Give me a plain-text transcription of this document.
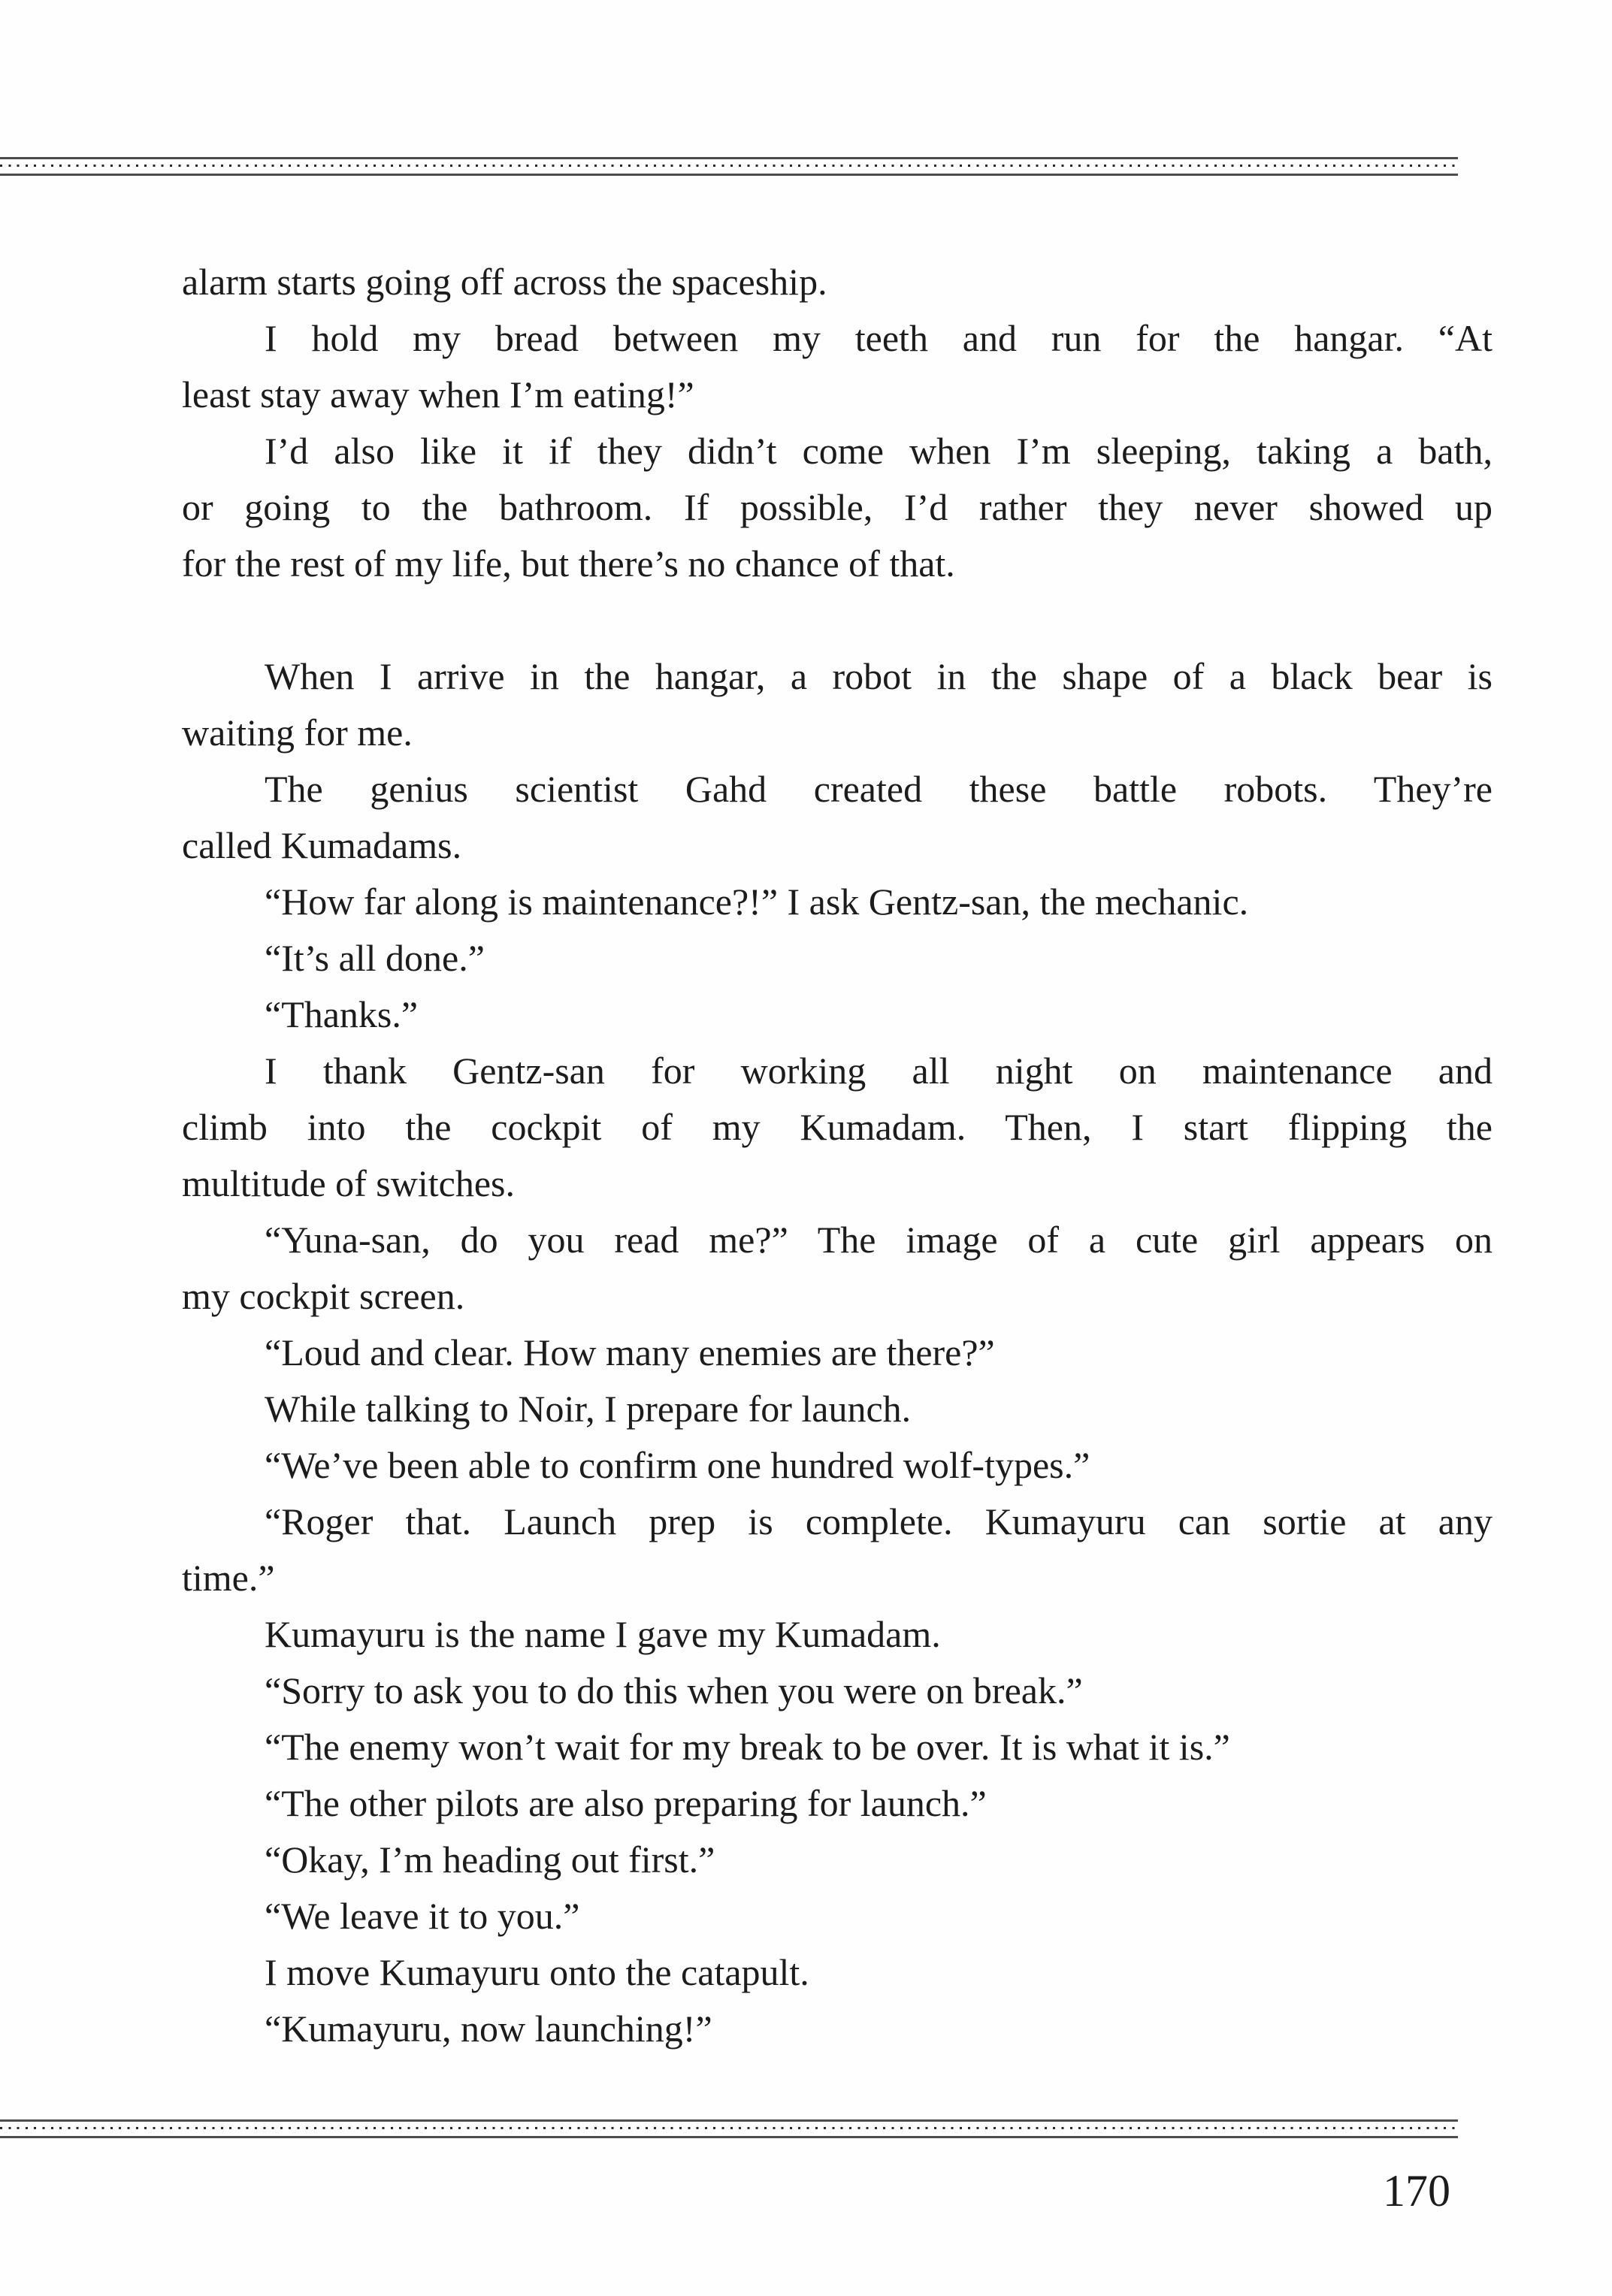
alarm starts going off across the spaceship.
I hold my bread between my teeth and run for the hangar. “At
least stay away when I’m eating!”
I’d also like it if they didn’t come when I’m sleeping, taking a bath,
or going to the bathroom. If possible, I’d rather they never showed up
for the rest of my life, but there’s no chance of that.
When I arrive in the hangar, a robot in the shape of a black bear is
waiting for me.
The genius scientist Gahd created these battle robots. They’re
called Kumadams.
“How far along is maintenance?!” I ask Gentz-san, the mechanic.
“It’s all done.”
“Thanks.”
I thank Gentz-san for working all night on maintenance and
climb into the cockpit of my Kumadam. Then, I start flipping the
multitude of switches.
“Yuna-san, do you read me?” The image of a cute girl appears on
my cockpit screen.
“Loud and clear. How many enemies are there?”
While talking to Noir, I prepare for launch.
“We’ve been able to confirm one hundred wolf-types.”
“Roger that. Launch prep is complete. Kumayuru can sortie at any
time.”
Kumayuru is the name I gave my Kumadam.
“Sorry to ask you to do this when you were on break.”
“The enemy won’t wait for my break to be over. It is what it is.”
“The other pilots are also preparing for launch.”
“Okay, I’m heading out first.”
“We leave it to you.”
I move Kumayuru onto the catapult.
“Kumayuru, now launching!”
170
